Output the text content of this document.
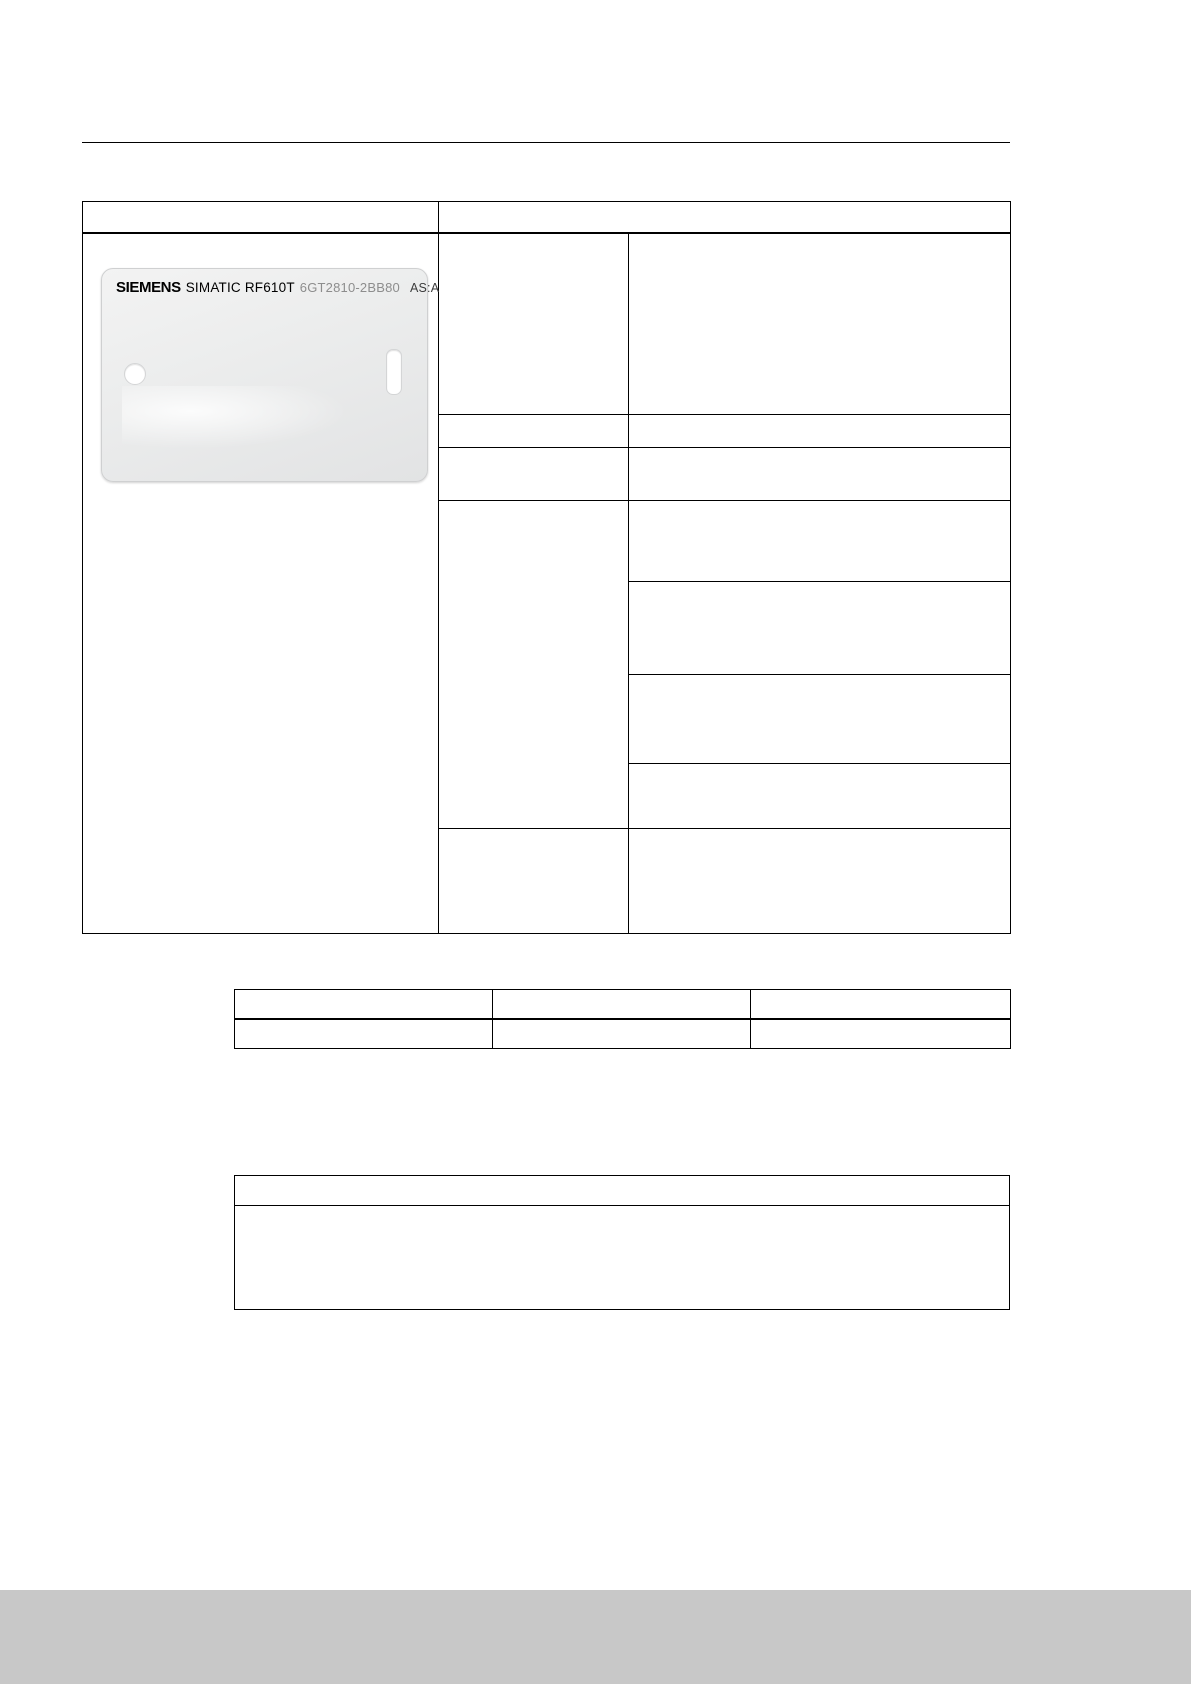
SIEMENS SIMATIC RF610T 6GT2810-2BB80 AS:A		
